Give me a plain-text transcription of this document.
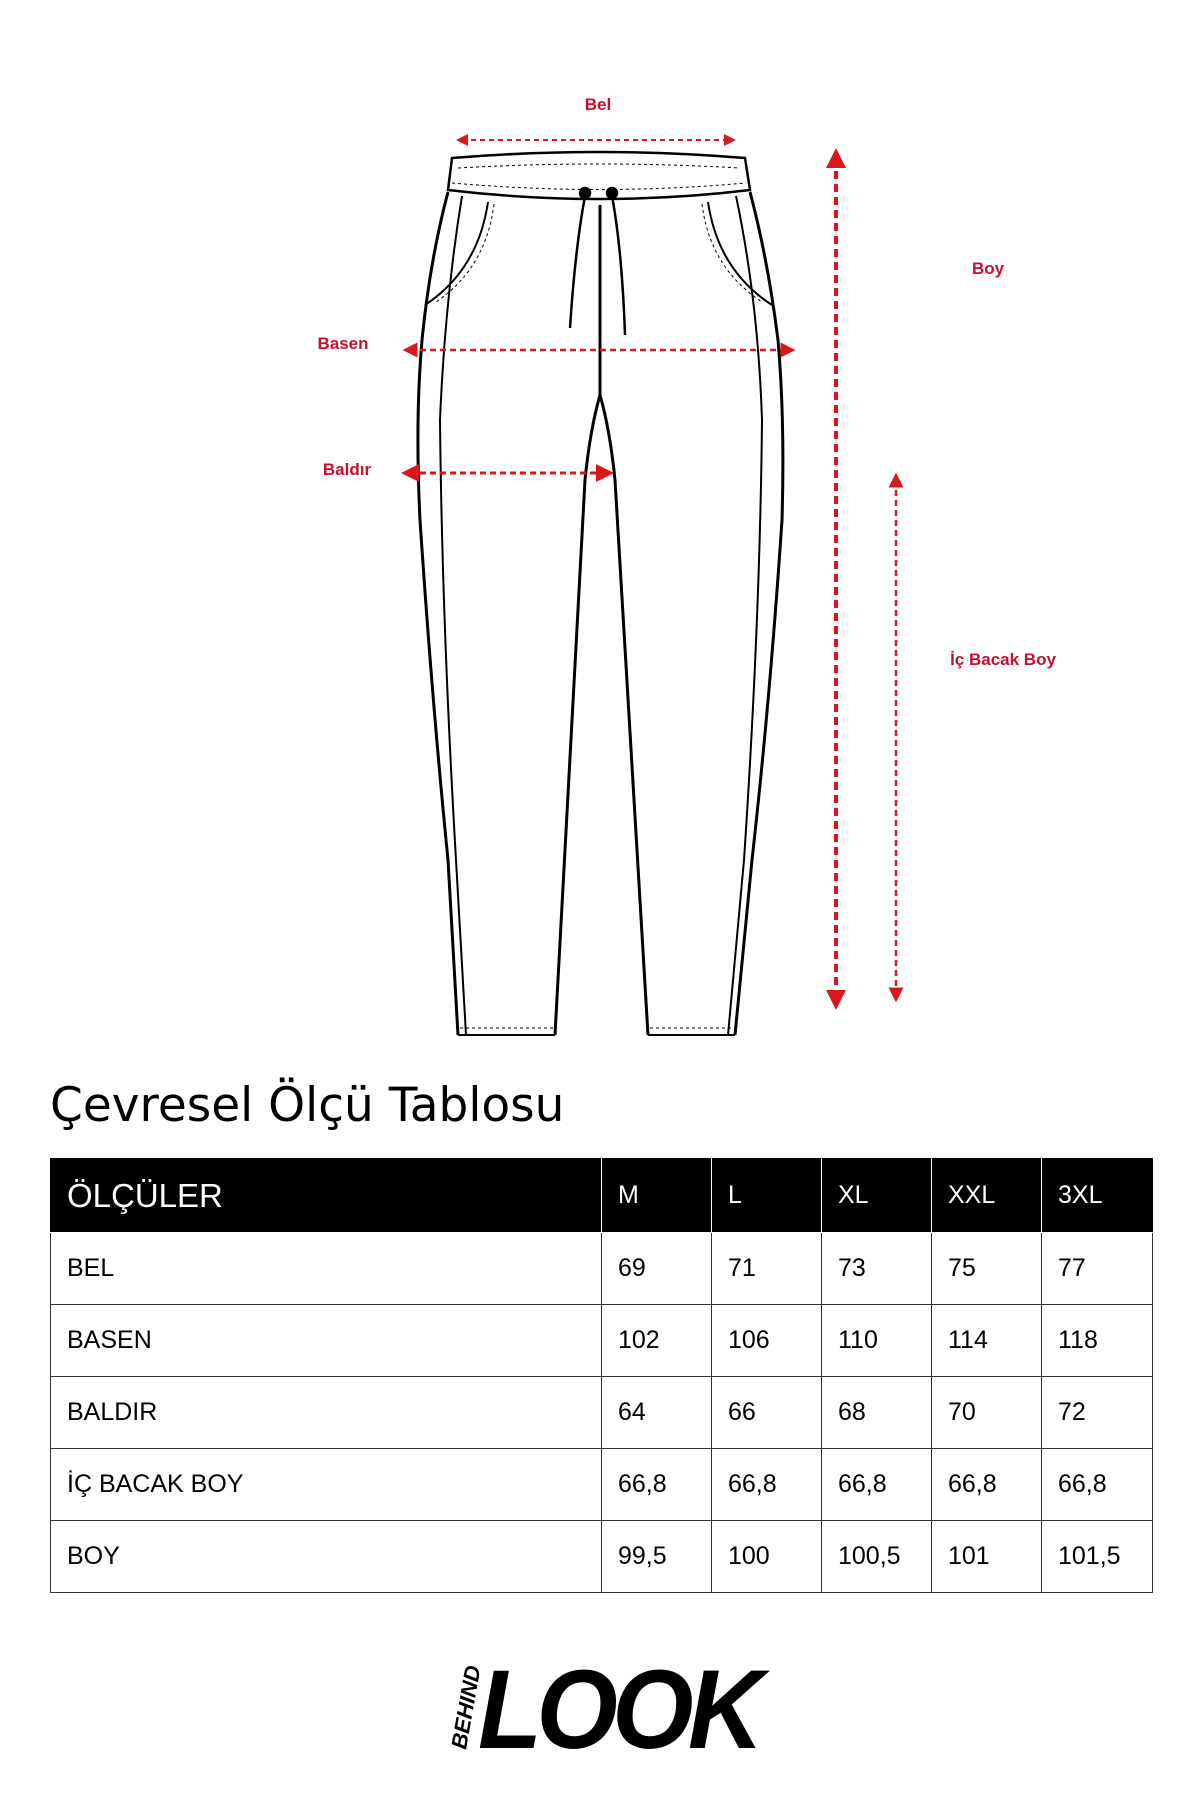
Bel
Boy
Basen
Baldır
İç Bacak Boy
Çevresel Ölçü Tablosu
ÖLÇÜLER	M	L	XL	XXL	3XL
BEL	69	71	73	75	77
BASEN	102	106	110	114	118
BALDIR	64	66	68	70	72
İÇ BACAK BOY	66,8	66,8	66,8	66,8	66,8
BOY	99,5	100	100,5	101	101,5
BEHIND
LOOK
